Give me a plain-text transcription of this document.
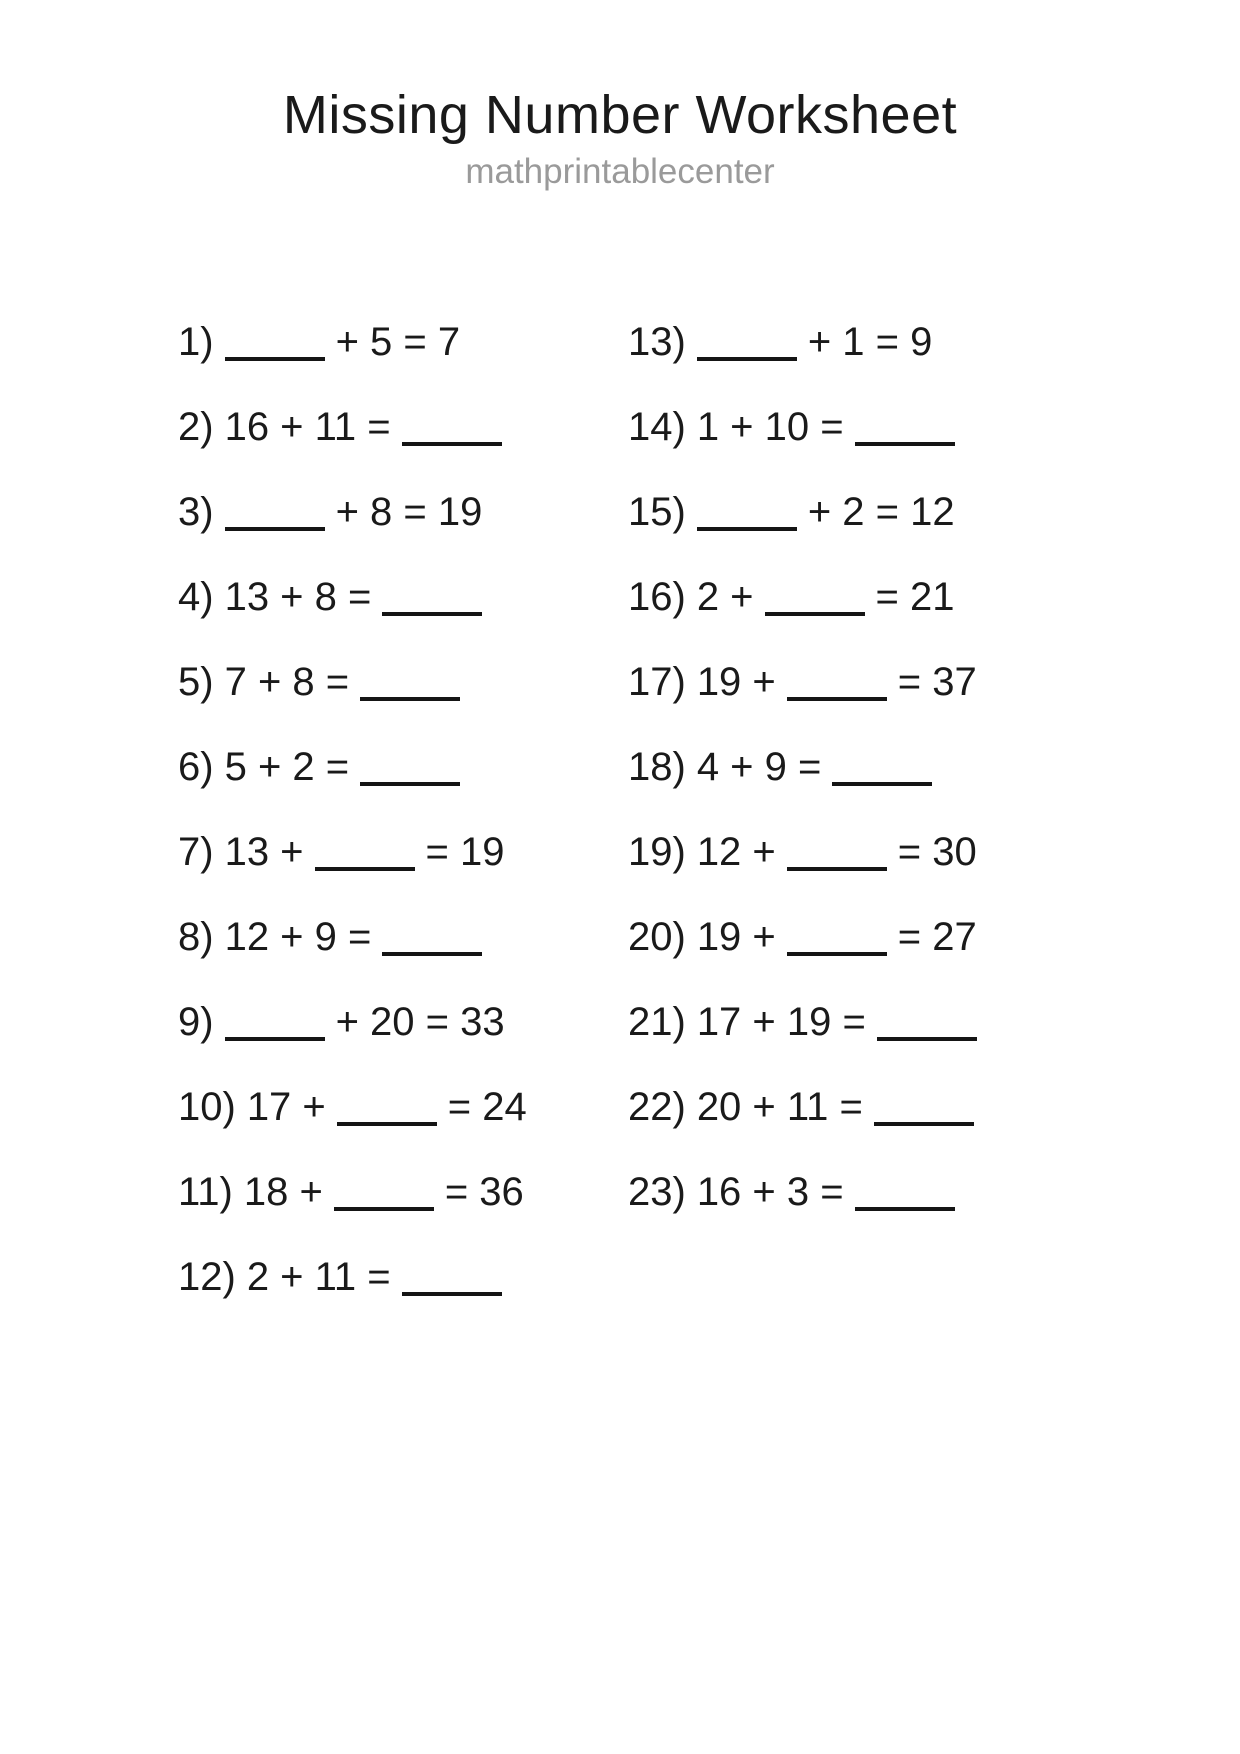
Missing Number Worksheet
mathprintablecenter
1)	+ 5 = 7
2) 16 + 11 =
3)	+ 8 = 19
4) 13 + 8 =
5) 7 + 8 =
6) 5 + 2 =
7) 13 +	= 19
8) 12 + 9 =
9)	+ 20 = 33
10) 17 +	= 24
11) 18 +	= 36
12) 2 + 11 =
13)	+ 1 = 9
14) 1 + 10 =
15)	+ 2 = 12
16) 2 +	= 21
17) 19 +	= 37
18) 4 + 9 =
19) 12 +	= 30
20) 19 +	= 27
21) 17 + 19 =
22) 20 + 11 =
23) 16 + 3 =
